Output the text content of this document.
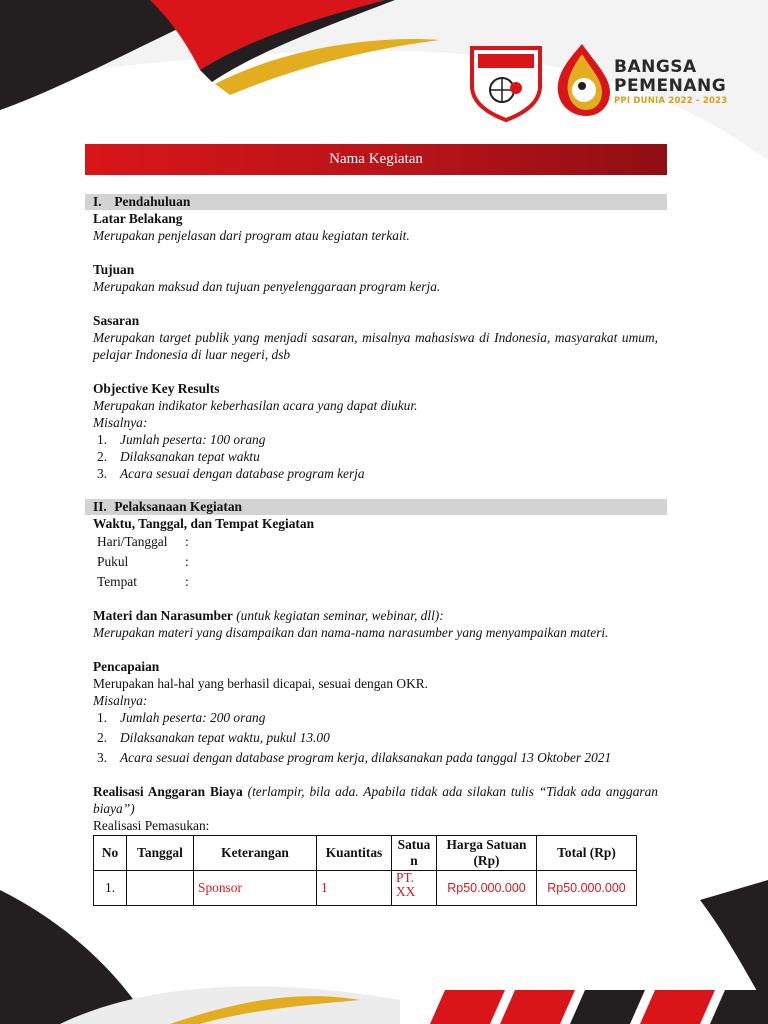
BANGSA
PEMENANG
PPI DUNIA 2022 - 2023
Nama Kegiatan
I. Pendahuluan
Latar Belakang
Merupakan penjelasan dari program atau kegiatan terkait.
Tujuan
Merupakan maksud dan tujuan penyelenggaraan program kerja.
Sasaran
Merupakan target publik yang menjadi sasaran, misalnya mahasiswa di Indonesia, masyarakat umum, pelajar Indonesia di luar negeri, dsb
Objective Key Results
Merupakan indikator keberhasilan acara yang dapat diukur.
Misalnya:
1. Jumlah peserta: 100 orang
2. Dilaksanakan tepat waktu
3. Acara sesuai dengan database program kerja
II. Pelaksanaan Kegiatan
Waktu, Tanggal, dan Tempat Kegiatan
Hari/Tanggal	:
Pukul	:
Tempat	:
Materi dan Narasumber (untuk kegiatan seminar, webinar, dll):
Merupakan materi yang disampaikan dan nama-nama narasumber yang menyampaikan materi.
Pencapaian
Merupakan hal-hal yang berhasil dicapai, sesuai dengan OKR.
Misalnya:
1. Jumlah peserta: 200 orang
2. Dilaksanakan tepat waktu, pukul 13.00
3. Acara sesuai dengan database program kerja, dilaksanakan pada tanggal 13 Oktober 2021
Realisasi Anggaran Biaya (terlampir, bila ada. Apabila tidak ada silakan tulis “Tidak ada anggaran biaya”)
Realisasi Pemasukan:
No	Tanggal	Keterangan	Kuantitas	Satuan	Harga Satuan (Rp)	Total (Rp)
1.		Sponsor	1	PT. XX	Rp50.000.000	Rp50.000.000
